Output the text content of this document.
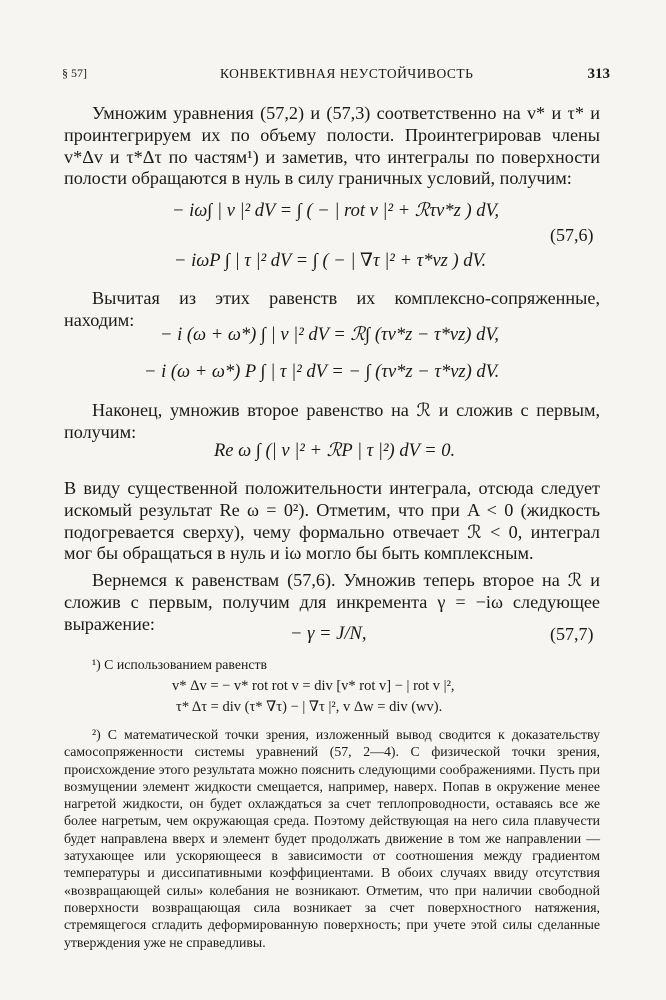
§ 57]	КОНВЕКТИВНАЯ НЕУСТОЙЧИВОСТЬ	313

Умножим уравнения (57,2) и (57,3) соответственно на v* и τ* и проинтегрируем их по объему полости. Проинтегрировав члены v*Δv и τ*Δτ по частям¹) и заметив, что интегралы по поверхности полости обращаются в нуль в силу граничных условий, получим:

− iω∫ | v |² dV = ∫ ( − | rot v |² + ℛτv*z ) dV,
− iωP ∫ | τ |² dV = ∫ ( − | ∇τ |² + τ*vz ) dV.
(57,6)

Вычитая из этих равенств их комплексно-сопряженные, находим:

− i (ω + ω*) ∫ | v |² dV = ℛ∫ (τv*z − τ*vz) dV,
− i (ω + ω*) P ∫ | τ |² dV = − ∫ (τv*z − τ*vz) dV.

Наконец, умножив второе равенство на ℛ и сложив с первым, получим:

Re ω ∫ (| v |² + ℛP | τ |²) dV = 0.

В виду существенной положительности интеграла, отсюда следует искомый результат Re ω = 0²). Отметим, что при A < 0 (жидкость подогревается сверху), чему формально отвечает ℛ < 0, интеграл мог бы обращаться в нуль и iω могло бы быть комплексным.

Вернемся к равенствам (57,6). Умножив теперь второе на ℛ и сложив с первым, получим для инкремента γ = −iω следующее выражение:

− γ = J/N,	(57,7)

¹) С использованием равенств

v* Δv = − v* rot rot v = div [v* rot v] − | rot v |²,
τ* Δτ = div (τ* ∇τ) − | ∇τ |², v Δw = div (wv).

²) С математической точки зрения, изложенный вывод сводится к доказательству самосопряженности системы уравнений (57, 2—4). С физической точки зрения, происхождение этого результата можно пояснить следующими соображениями. Пусть при возмущении элемент жидкости смещается, например, наверх. Попав в окружение менее нагретой жидкости, он будет охлаждаться за счет теплопроводности, оставаясь все же более нагретым, чем окружающая среда. Поэтому действующая на него сила плавучести будет направлена вверх и элемент будет продолжать движение в том же направлении — затухающее или ускоряющееся в зависимости от соотношения между градиентом температуры и диссипативными коэффициентами. В обоих случаях ввиду отсутствия «возвращающей силы» колебания не возникают. Отметим, что при наличии свободной поверхности возвращающая сила возникает за счет поверхностного натяжения, стремящегося сгладить деформированную поверхность; при учете этой силы сделанные утверждения уже не справедливы.
